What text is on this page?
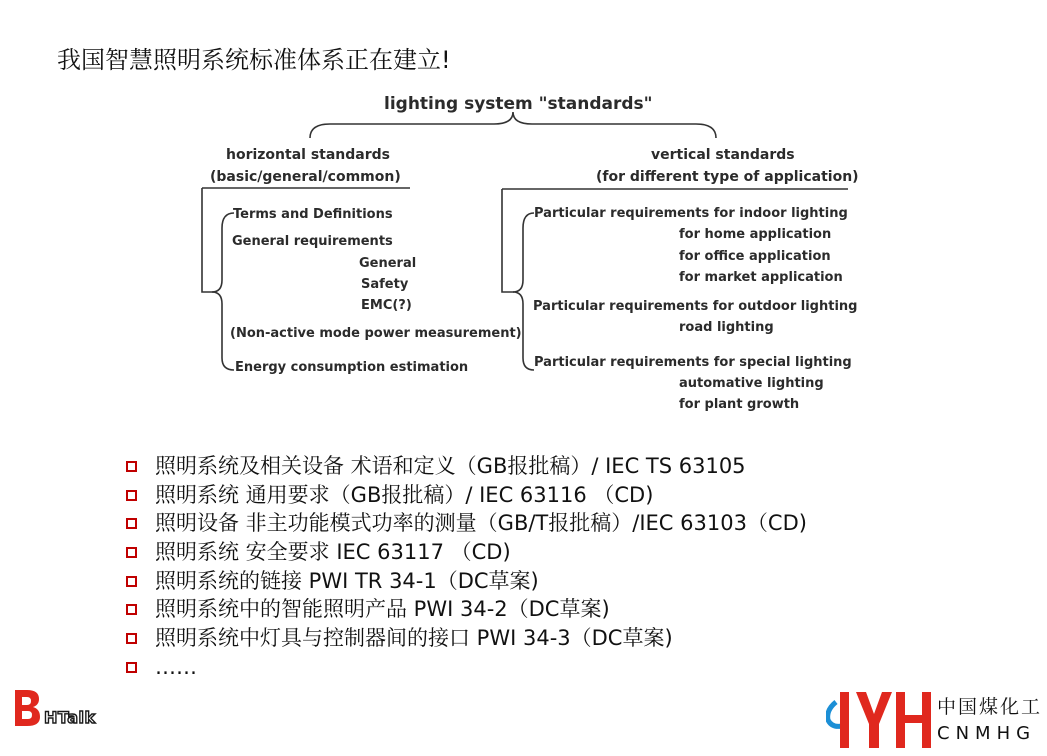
我国智慧照明系统标准体系正在建立!
lighting system "standards"
horizontal standards
(basic/general/common)
vertical standards
(for different type of application)
Terms and Definitions
General requirements
General
Safety
EMC(?)
(Non-active mode power measurement)
Energy consumption estimation
Particular requirements for indoor lighting
for home application
for office application
for market application
Particular requirements for outdoor lighting
road lighting
Particular requirements for special lighting
automative lighting
for plant growth
照明系统及相关设备 术语和定义（GB报批稿）/ IEC TS 63105
照明系统 通用要求（GB报批稿）/ IEC 63116 （CD)
照明设备 非主功能模式功率的测量（GB/T报批稿）/IEC 63103（CD)
照明系统 安全要求 IEC 63117 （CD)
照明系统的链接 PWI TR 34-1（DC草案)
照明系统中的智能照明产品 PWI 34-2（DC草案)
照明系统中灯具与控制器间的接口 PWI 34-3（DC草案)
……
HTalk	中国煤化工
CNMHG
